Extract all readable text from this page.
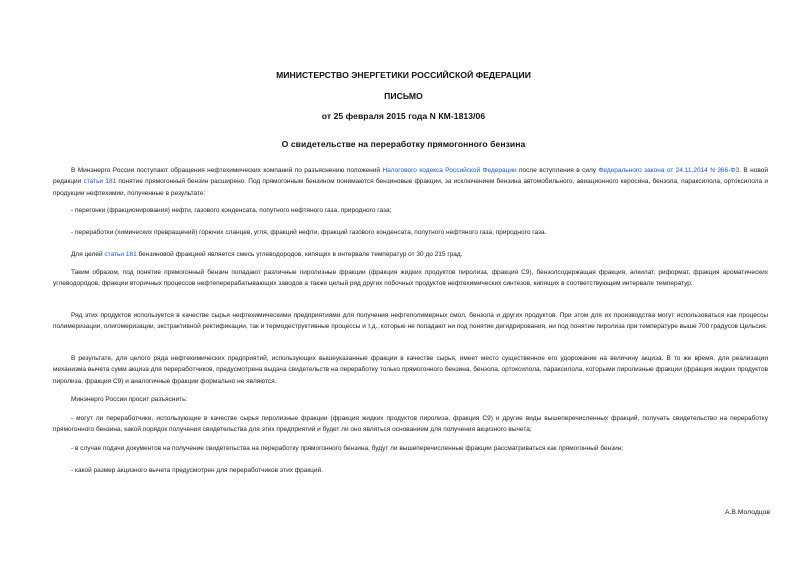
МИНИСТЕРСТВО ЭНЕРГЕТИКИ РОССИЙСКОЙ ФЕДЕРАЦИИ
ПИСЬМО
от 25 февраля 2015 года N КМ-1813/06
О свидетельстве на переработку прямогонного бензина
В Минэнерго России поступают обращения нефтехимических компаний по разъяснению положений Налогового кодекса Российской Федерации после вступления в силу Федерального закона от 24.11.2014 N 366-ФЗ. В новой редакции статьи 181 понятие прямогонный бензин расширено. Под прямогонным бензином понимаются бензиновые фракции, за исключением бензина автомобильного, авиационного керосина, бензола, параксилола, ортоксилола и продукции нефтехимии, полученные в результате:
- перегонки (фракционирования) нефти, газового конденсата, попутного нефтяного газа, природного газа;
- переработки (химических превращений) горючих сланцев, угля, фракций нефти, фракций газового конденсата, попутного нефтяного газа, природного газа.
Для целей статьи 181 бензиновой фракцией является смесь углеводородов, кипящих в интервале температур от 30 до 215 град.
Таким образом, под понятие прямогонный бензин попадают различные пиролизные фракции (фракция жидких продуктов пиролиза, фракция С9), бензолсодержащая фракция, алкилат, риформат, фракция ароматических углеводородов, фракции вторичных процессов нефтеперерабатывающих заводов а также целый ряд других побочных продуктов нефтехимических синтезов, кипящих в соответствующем интервале температур.
Ряд этих продуктов используется в качестве сырья нефтехимическими предприятиями для получения нефтеполимерных смол, бензола и других продуктов. При этом для их производства могут использоваться как процессы полимеризации, олигомеризации, экстрактивной ректификации, так и термодеструктивные процессы и т.д., которые не попадают ни под понятие дегидрирования, ни под понятие пиролиза при температуре выше 700 градусов Цельсия.
В результате, для целого ряда нефтехимических предприятий, использующих вышеуказанные фракции в качестве сырья, имеет место существенное его удорожание на величину акциза. В то же время, для реализации механизма вычета сумм акциза для переработчиков, предусмотрена выдача свидетельств на переработку только прямогонного бензина, бензола, ортоксилола, параксилола, которыми пиролизные фракции (фракция жидких продуктов пиролиза, фракция С9) и аналогичные фракции формально не являются.
Минэнерго России просит разъяснить:
- могут ли переработчики, использующие в качестве сырья пиролизные фракции (фракция жидких продуктов пиролиза, фракция С9) и другие виды вышеперечисленных фракций, получать свидетельство на переработку прямогонного бензина, какой порядок получения свидетельства для этих предприятий и будет ли оно являться основанием для получения акцизного вычета;
- в случае подачи документов на получение свидетельства на переработку прямогонного бензина, будут ли вышеперечисленные фракции рассматриваться как прямогонный бензин;
- какой размер акцизного вычета предусмотрен для переработчиков этих фракций.
А.В.Молодцов
